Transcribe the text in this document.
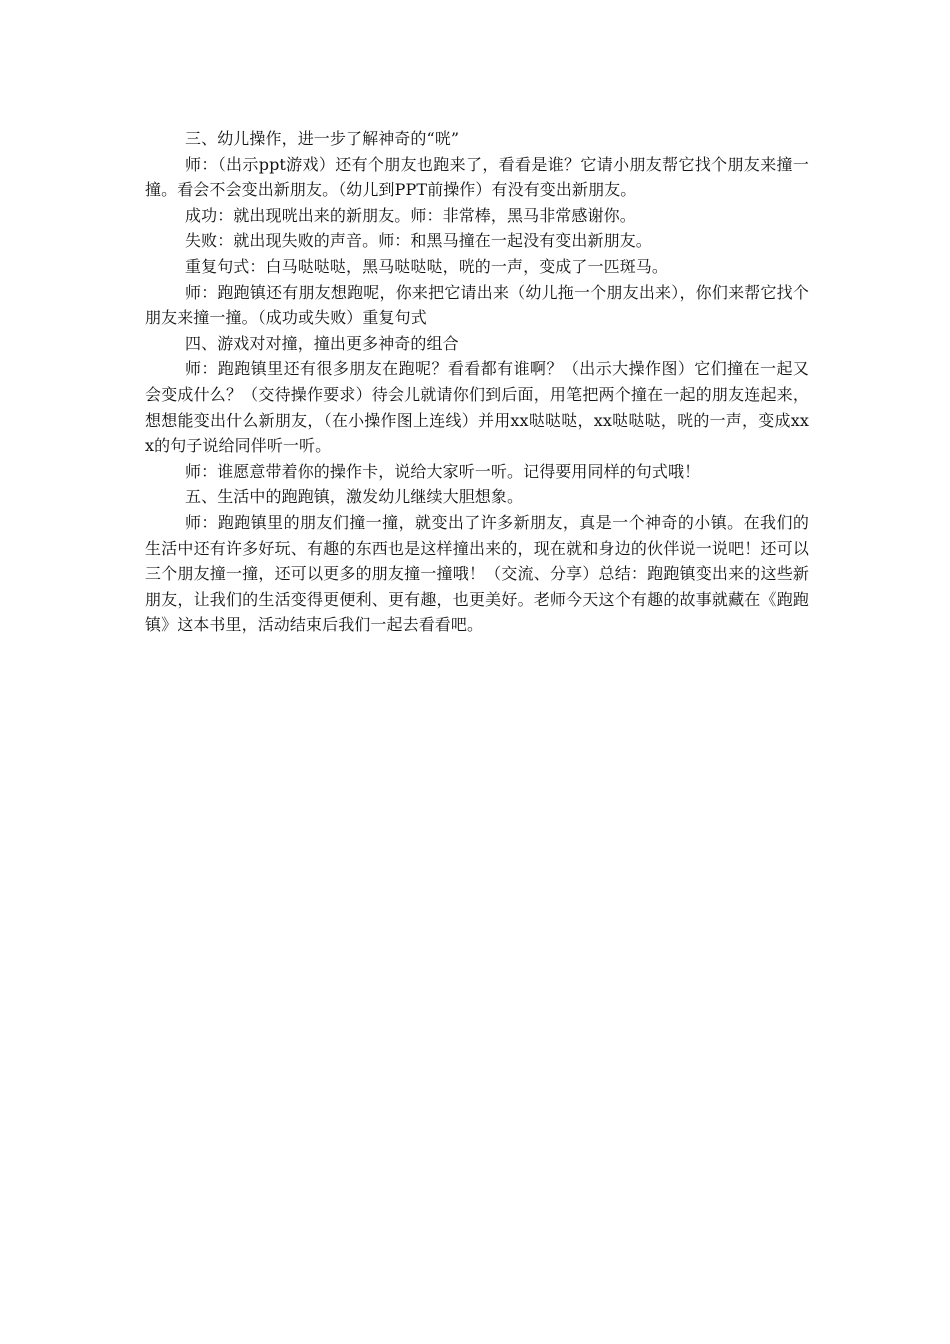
三、幼儿操作，进一步了解神奇的“咣”

师：（出示ppt游戏）还有个朋友也跑来了，看看是谁？它请小朋友帮它找个朋友来撞一撞。看会不会变出新朋友。（幼儿到PPT前操作）有没有变出新朋友。

成功：就出现咣出来的新朋友。师：非常棒，黑马非常感谢你。

失败：就出现失败的声音。师：和黑马撞在一起没有变出新朋友。

重复句式：白马哒哒哒，黑马哒哒哒，咣的一声，变成了一匹斑马。

师：跑跑镇还有朋友想跑呢，你来把它请出来（幼儿拖一个朋友出来），你们来帮它找个朋友来撞一撞。（成功或失败）重复句式

四、游戏对对撞，撞出更多神奇的组合

师：跑跑镇里还有很多朋友在跑呢？看看都有谁啊？（出示大操作图）它们撞在一起又会变成什么？（交待操作要求）待会儿就请你们到后面，用笔把两个撞在一起的朋友连起来，想想能变出什么新朋友，（在小操作图上连线）并用xx哒哒哒，xx哒哒哒，咣的一声，变成xxx的句子说给同伴听一听。

师：谁愿意带着你的操作卡，说给大家听一听。记得要用同样的句式哦！

五、生活中的跑跑镇，激发幼儿继续大胆想象。

师：跑跑镇里的朋友们撞一撞，就变出了许多新朋友，真是一个神奇的小镇。在我们的生活中还有许多好玩、有趣的东西也是这样撞出来的，现在就和身边的伙伴说一说吧！还可以三个朋友撞一撞，还可以更多的朋友撞一撞哦！（交流、分享）总结：跑跑镇变出来的这些新朋友，让我们的生活变得更便利、更有趣，也更美好。老师今天这个有趣的故事就藏在《跑跑镇》这本书里，活动结束后我们一起去看看吧。
